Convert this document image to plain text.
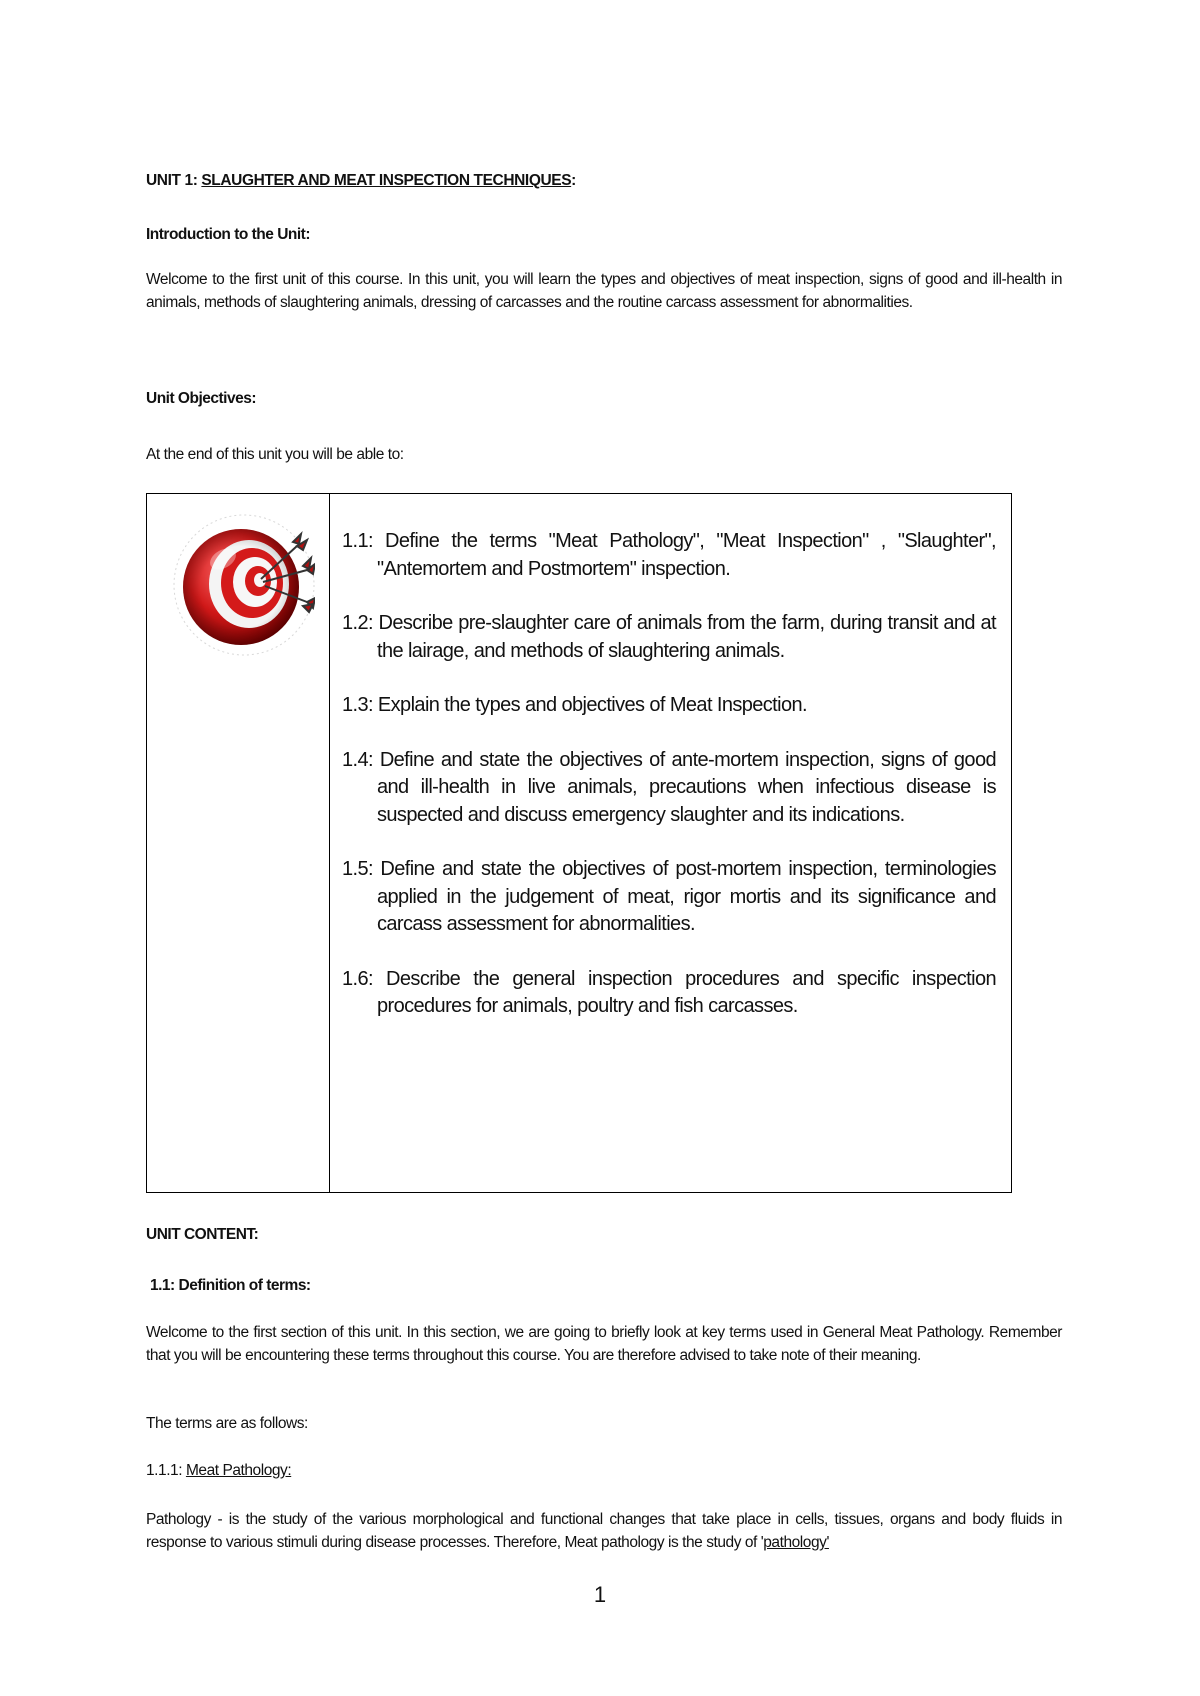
UNIT 1: SLAUGHTER AND MEAT INSPECTION TECHNIQUES:
Introduction to the Unit:
Welcome to the first unit of this course. In this unit, you will learn the types and objectives of meat inspection, signs of good and ill-health in animals, methods of slaughtering animals, dressing of carcasses and the routine carcass assessment for abnormalities.
Unit Objectives:
At the end of this unit you will be able to:

1.1: Define the terms "Meat Pathology", "Meat Inspection" , "Slaughter", "Antemortem and Postmortem" inspection.

1.2: Describe pre-slaughter care of animals from the farm, during transit and at the lairage, and methods of slaughtering animals.

1.3: Explain the types and objectives of Meat Inspection.

1.4: Define and state the objectives of ante-mortem inspection, signs of good and ill-health in live animals, precautions when infectious disease is suspected and discuss emergency slaughter and its indications.

1.5: Define and state the objectives of post-mortem inspection, terminologies applied in the judgement of meat, rigor mortis and its significance and carcass assessment for abnormalities.

1.6: Describe the general inspection procedures and specific inspection procedures for animals, poultry and fish carcasses.

UNIT CONTENT:
1.1: Definition of terms:
Welcome to the first section of this unit. In this section, we are going to briefly look at key terms used in General Meat Pathology. Remember that you will be encountering these terms throughout this course. You are therefore advised to take note of their meaning.
The terms are as follows:
1.1.1: Meat Pathology:
Pathology - is the study of the various morphological and functional changes that take place in cells, tissues, organs and body fluids in response to various stimuli during disease processes. Therefore, Meat pathology is the study of 'pathology'
1
